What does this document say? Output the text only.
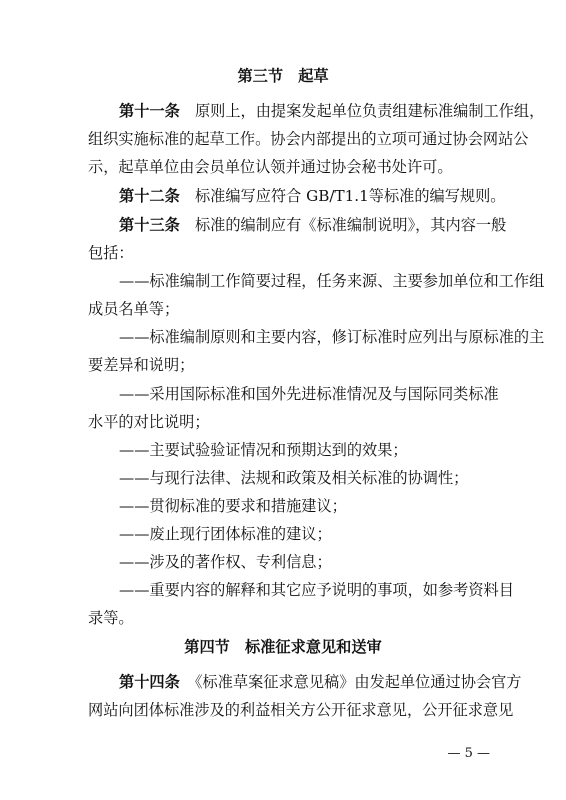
第三节　起草
第十一条　原则上，由提案发起单位负责组建标准编制工作组，
组织实施标准的起草工作。协会内部提出的立项可通过协会网站公
示，起草单位由会员单位认领并通过协会秘书处许可。
第十二条　标准编写应符合 GB/T1.1等标准的编写规则。
第十三条　标准的编制应有《标准编制说明》，其内容一般
包括：
——标准编制工作简要过程，任务来源、主要参加单位和工作组
成员名单等；
——标准编制原则和主要内容，修订标准时应列出与原标准的主
要差异和说明；
——采用国际标准和国外先进标准情况及与国际同类标准
水平的对比说明；
——主要试验验证情况和预期达到的效果；
——与现行法律、法规和政策及相关标准的协调性；
——贯彻标准的要求和措施建议；
——废止现行团体标准的建议；
——涉及的著作权、专利信息；
——重要内容的解释和其它应予说明的事项，如参考资料目
录等。
第四节　标准征求意见和送审
第十四条　《标准草案征求意见稿》由发起单位通过协会官方
网站向团体标准涉及的利益相关方公开征求意见，公开征求意见
— 5 —
